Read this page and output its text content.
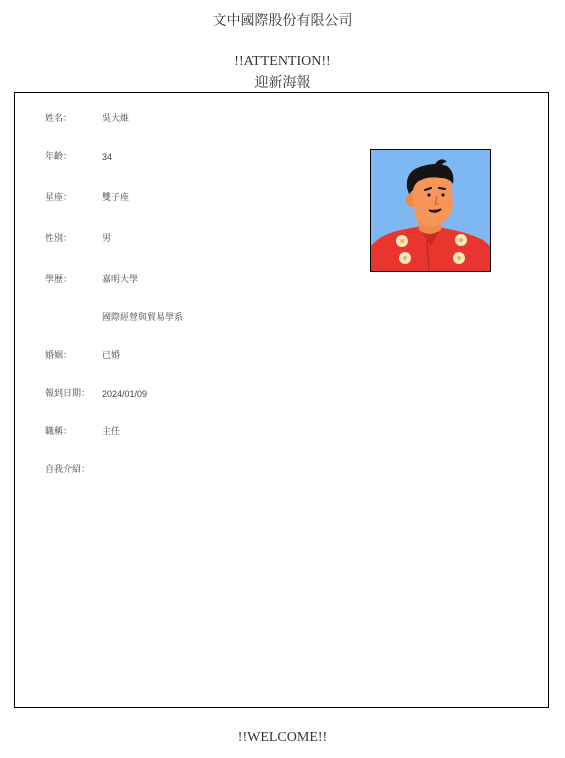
文中國際股份有限公司
!!ATTENTION!!
迎新海報
姓名：	吳大維
年齡：	34
星座：	雙子座
性別：	男
學歷：	嘉明大學
國際經營與貿易學系
婚姻：	已婚
報到日期： 2024/01/09
職稱：	主任
自我介紹：
!!WELCOME!!
